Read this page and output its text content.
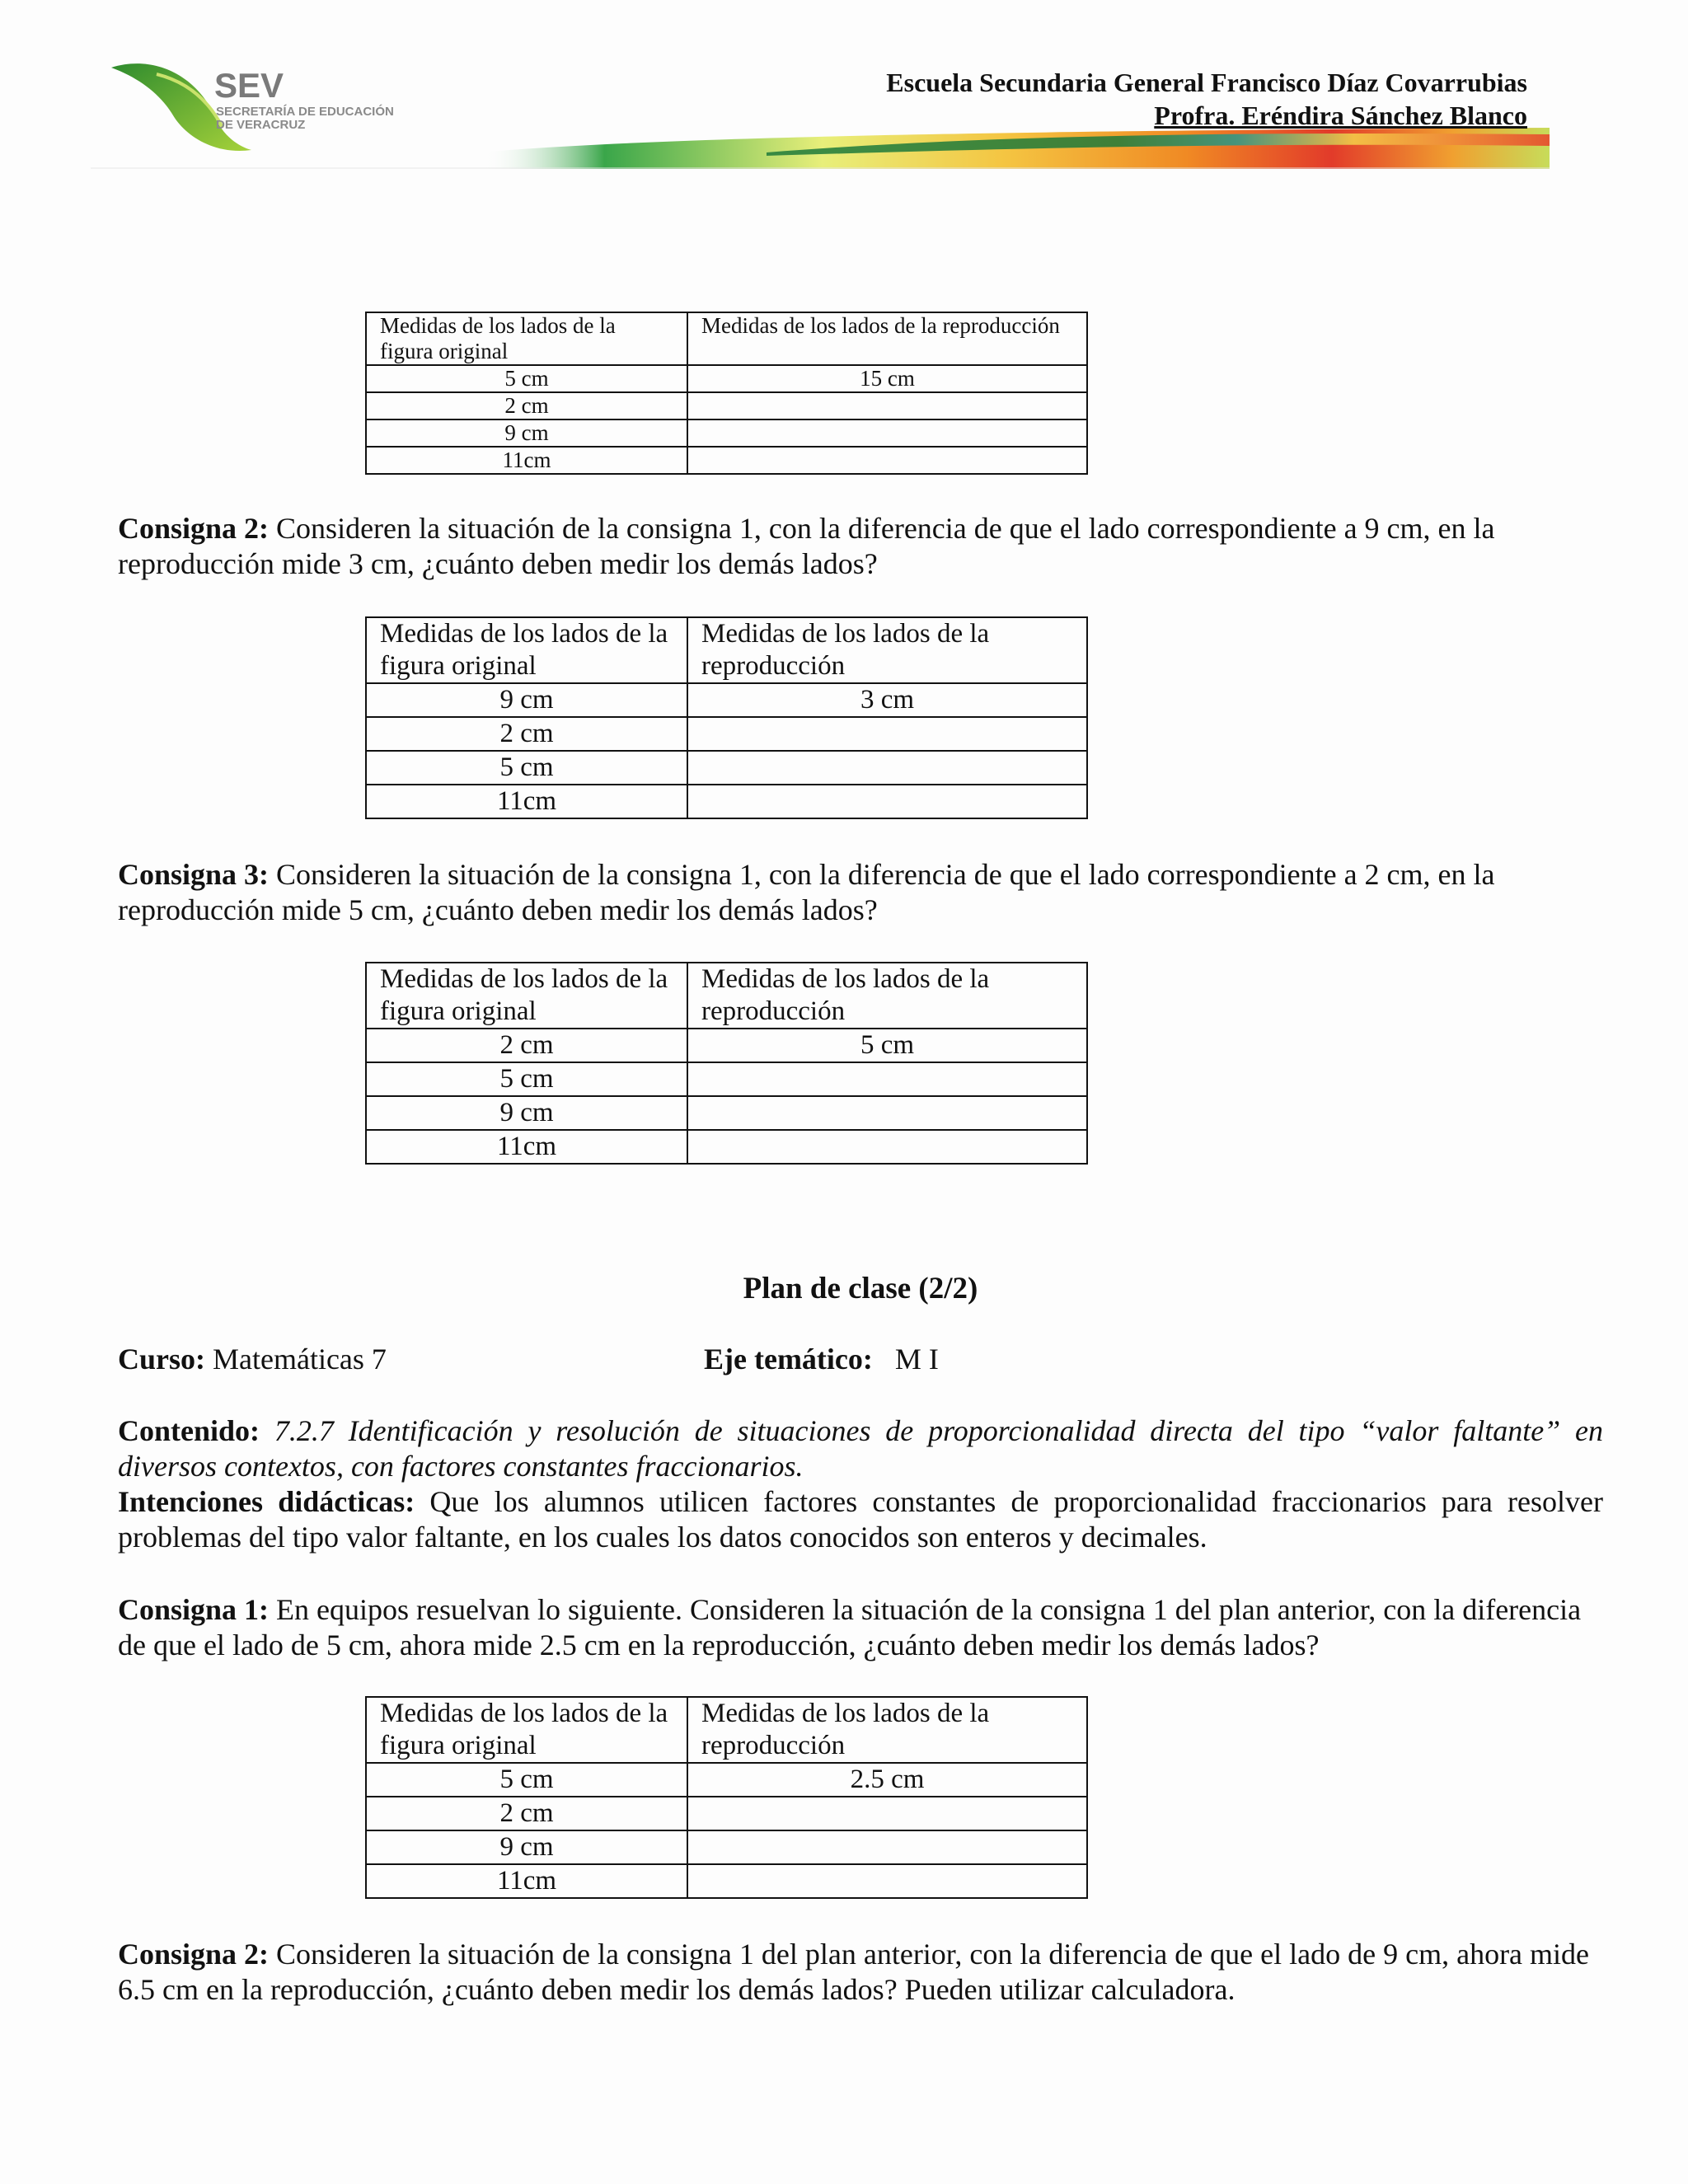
SEV
SECRETARÍA DE EDUCACIÓN
DE VERACRUZ
Escuela Secundaria General Francisco Díaz Covarrubias
Profra. Eréndira Sánchez Blanco
Medidas de los lados de la figura original	Medidas de los lados de la reproducción
5 cm	15 cm
2 cm	
9 cm	
11cm	
Consigna 2: Consideren la situación de la consigna 1, con la diferencia de que el lado correspondiente a 9 cm, en la reproducción mide 3 cm, ¿cuánto deben medir los demás lados?
Medidas de los lados de la figura original	Medidas de los lados de la reproducción
9 cm	3 cm
2 cm	
5 cm	
11cm	
Consigna 3: Consideren la situación de la consigna 1, con la diferencia de que el lado correspondiente a 2 cm, en la reproducción mide 5 cm, ¿cuánto deben medir los demás lados?
Medidas de los lados de la figura original	Medidas de los lados de la reproducción
2 cm	5 cm
5 cm	
9 cm	
11cm	
Plan de clase (2/2)
Curso: Matemáticas 7	Eje temático: M I
Contenido: 7.2.7 Identificación y resolución de situaciones de proporcionalidad directa del tipo “valor faltante” en diversos contextos, con factores constantes fraccionarios.
Intenciones didácticas: Que los alumnos utilicen factores constantes de proporcionalidad fraccionarios para resolver problemas del tipo valor faltante, en los cuales los datos conocidos son enteros y decimales.
Consigna 1: En equipos resuelvan lo siguiente. Consideren la situación de la consigna 1 del plan anterior, con la diferencia de que el lado de 5 cm, ahora mide 2.5 cm en la reproducción, ¿cuánto deben medir los demás lados?
Medidas de los lados de la figura original	Medidas de los lados de la reproducción
5 cm	2.5 cm
2 cm	
9 cm	
11cm	
Consigna 2: Consideren la situación de la consigna 1 del plan anterior, con la diferencia de que el lado de 9 cm, ahora mide 6.5 cm en la reproducción, ¿cuánto deben medir los demás lados? Pueden utilizar calculadora.
